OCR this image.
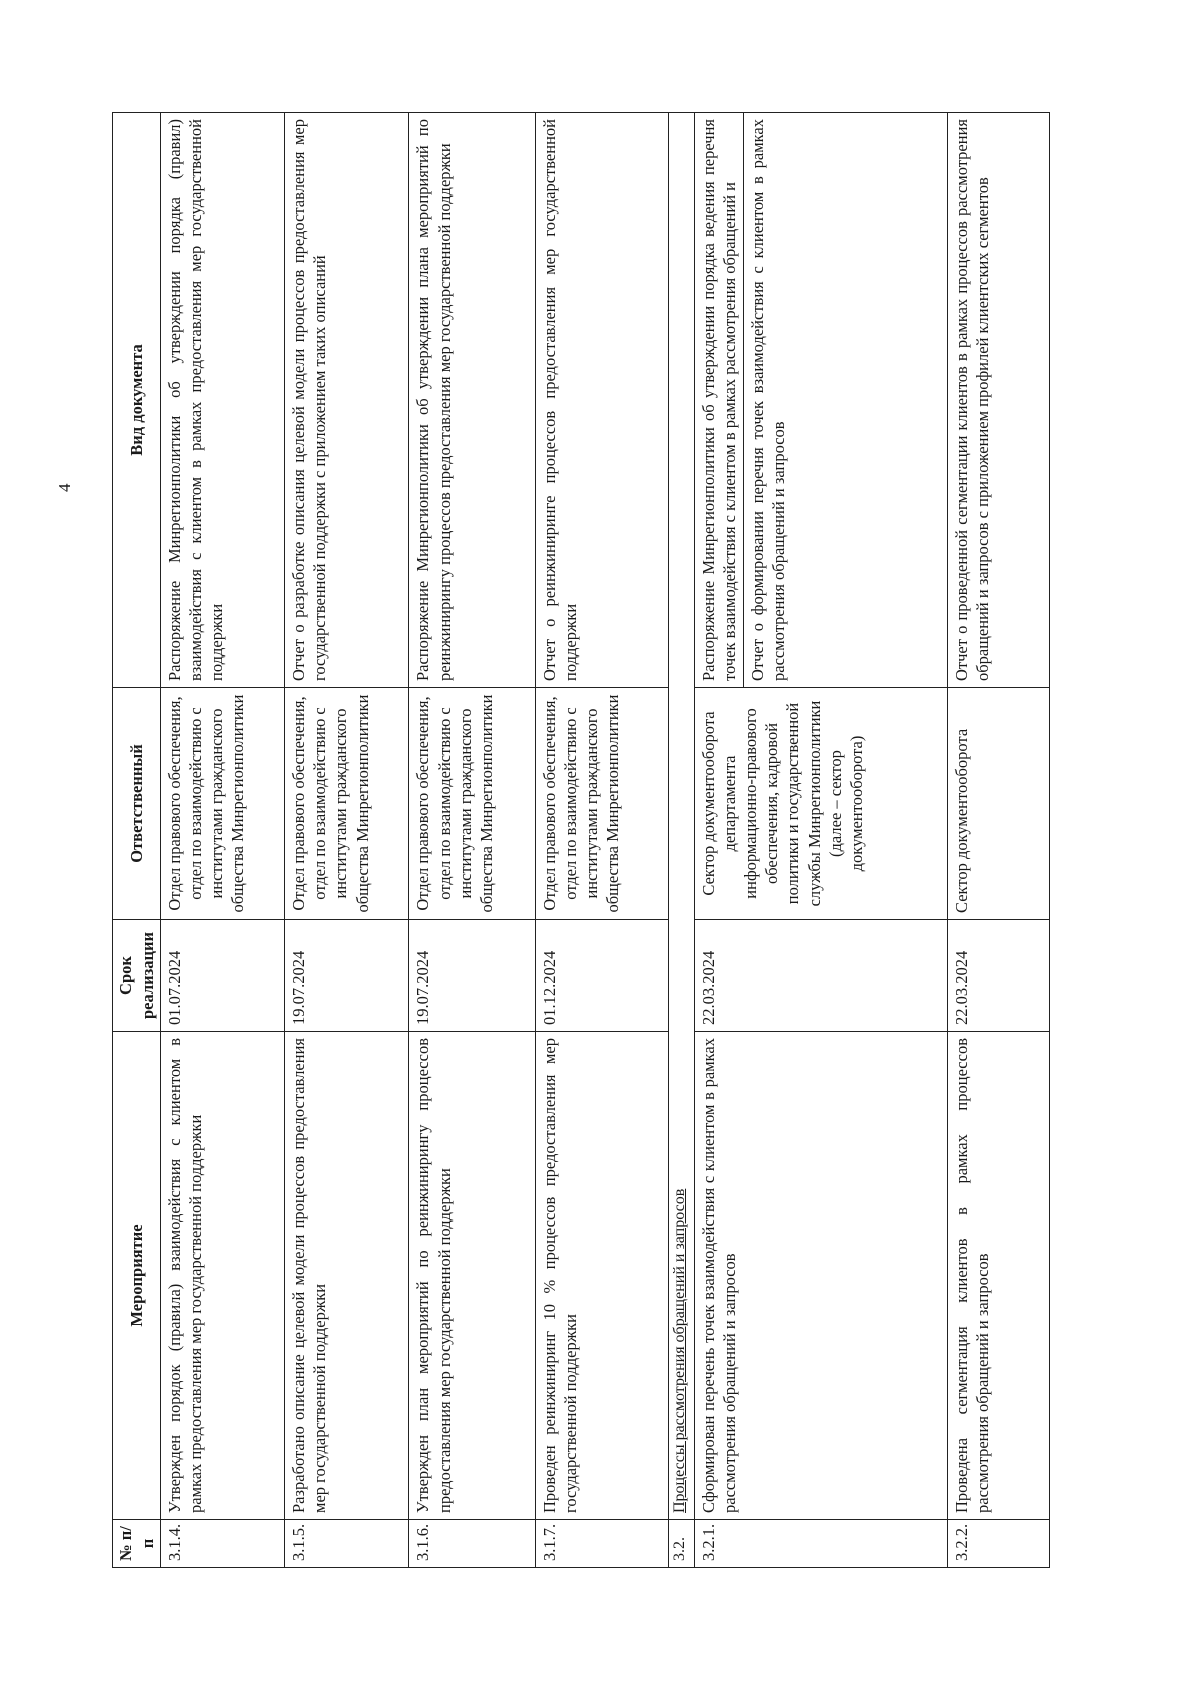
4
№ п/п	Мероприятие	Срок реализации	Ответственный	Вид документа
3.1.4.	Утвержден порядок (правила) взаимодействия с клиентом в рамках предоставления мер государственной поддержки	01.07.2024	Отдел правового обеспечения, отдел по взаимодействию с институтами гражданского общества Минрегионполитики	Распоряжение Минрегионполитики об утверждении порядка (правил) взаимодействия с клиентом в рамках предоставления мер государственной поддержки
3.1.5.	Разработано описание целевой модели процессов предоставления мер государственной поддержки	19.07.2024	Отдел правового обеспечения, отдел по взаимодействию с институтами гражданского общества Минрегионполитики	Отчет о разработке описания целевой модели процессов предоставления мер государственной поддержки с приложением таких описаний
3.1.6.	Утвержден план мероприятий по реинжинирингу процессов предоставления мер государственной поддержки	19.07.2024	Отдел правового обеспечения, отдел по взаимодействию с институтами гражданского общества Минрегионполитики	Распоряжение Минрегионполитики об утверждении плана мероприятий по реинжинирингу процессов предоставления мер государственной поддержки
3.1.7.	Проведен реинжиниринг 10 % процессов предоставления мер государственной поддержки	01.12.2024	Отдел правового обеспечения, отдел по взаимодействию с институтами гражданского общества Минрегионполитики	Отчет о реинжиниринге процессов предоставления мер государственной поддержки
3.2.	Процессы рассмотрения обращений и запросов			
3.2.1.	Сформирован перечень точек взаимодействия с клиентом в рамках рассмотрения обращений и запросов	22.03.2024	Сектор документооборота департамента информационно-правового обеспечения, кадровой политики и государственной службы Минрегионполитики (далее – сектор документооборота)	Распоряжение Минрегионполитики об утверждении порядка ведения перечня точек взаимодействия с клиентом в рамках рассмотрения обращений и Отчет о формировании перечня точек взаимодействия с клиентом в рамках рассмотрения обращений и запросов

3.2.2.	Проведена сегментация клиентов в рамках процессов рассмотрения обращений и запросов	22.03.2024	Сектор документооборота	Отчет о проведенной сегментации клиентов в рамках процессов рассмотрения обращений и запросов с приложением профилей клиентских сегментов
